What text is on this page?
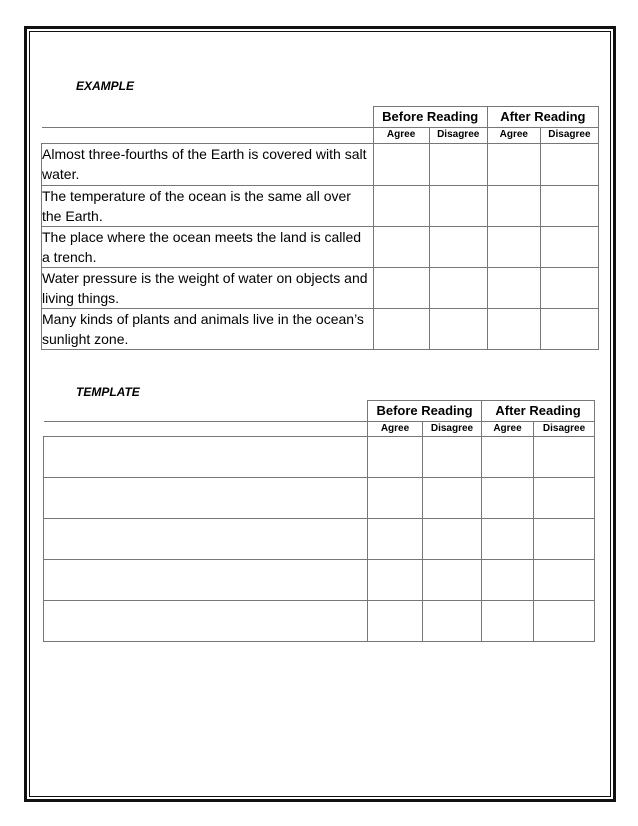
EXAMPLE
	Before Reading		After Reading	
	Agree	Disagree	Agree	Disagree
Almost three-fourths of the Earth is covered with salt water.				
The temperature of the ocean is the same all over the Earth.				
The place where the ocean meets the land is called a trench.				
Water pressure is the weight of water on objects and living things.				
Many kinds of plants and animals live in the ocean’s sunlight zone.				
TEMPLATE
	Before Reading		After Reading	
	Agree	Disagree	Agree	Disagree
